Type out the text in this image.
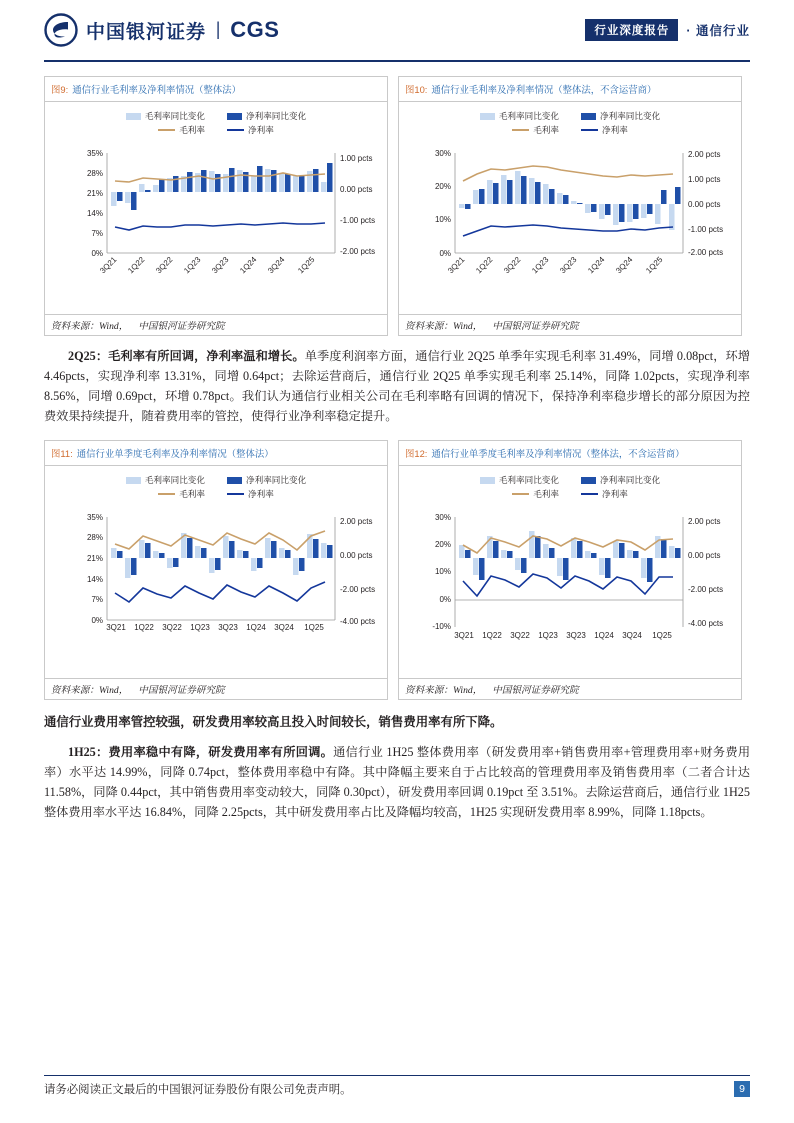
中国银河证券 | CGS	行业深度报告	· 通信行业
图9: 通信行业毛利率及净利率情况（整体法）
毛利率同比变化	净利率同比变化
毛利率	净利率
35%
28%
21%
14%
7%
0%
1.00 pcts
0.00 pcts
-1.00 pcts
-2.00 pcts
3Q21 1Q22 3Q22 1Q23 3Q23 1Q24 3Q24 1Q25
资料来源：Wind， 中国银河证券研究院
图10: 通信行业毛利率及净利率情况（整体法，不含运营商）
毛利率同比变化	净利率同比变化
毛利率	净利率
30%
20%
10%
0%
2.00 pcts
1.00 pcts
0.00 pcts
-1.00 pcts
-2.00 pcts
3Q21 1Q22 3Q22 1Q23 3Q23 1Q24 3Q24 1Q25
资料来源：Wind， 中国银河证券研究院
2Q25：毛利率有所回调，净利率温和增长。单季度利润率方面，通信行业 2Q25 单季年实现毛利率 31.49%，同增 0.08pct，环增 4.46pcts，实现净利率 13.31%，同增 0.64pct；去除运营商后，通信行业 2Q25 单季实现毛利率 25.14%，同降 1.02pcts，实现净利率 8.56%，同增 0.69pct，环增 0.78pct。我们认为通信行业相关公司在毛利率略有回调的情况下，保持净利率稳步增长的部分原因为控费效果持续提升，随着费用率的管控，使得行业净利率稳定提升。
图11: 通信行业单季度毛利率及净利率情况（整体法）
毛利率同比变化	净利率同比变化
毛利率	净利率
35%
28%
21%
14%
7%
0%
2.00 pcts
0.00 pcts
-2.00 pcts
-4.00 pcts
3Q21 1Q22 3Q22 1Q23 3Q23 1Q24 3Q24 1Q25
资料来源：Wind， 中国银河证券研究院
图12: 通信行业单季度毛利率及净利率情况（整体法，不含运营商）
毛利率同比变化	净利率同比变化
毛利率	净利率
30%
20%
10%
0%
-10%
2.00 pcts
0.00 pcts
-2.00 pcts
-4.00 pcts
3Q21 1Q22 3Q22 1Q23 3Q23 1Q24 3Q24 1Q25
资料来源：Wind， 中国银河证券研究院
通信行业费用率管控较强，研发费用率较高且投入时间较长，销售费用率有所下降。
1H25：费用率稳中有降，研发费用率有所回调。通信行业 1H25 整体费用率（研发费用率+销售费用率+管理费用率+财务费用率）水平达 14.99%，同降 0.74pct，整体费用率稳中有降。其中降幅主要来自于占比较高的管理费用率及销售费用率（二者合计达 11.58%，同降 0.44pct，其中销售费用率变动较大，同降 0.30pct），研发费用率回调 0.19pct 至 3.51%。去除运营商后，通信行业 1H25 整体费用率水平达 16.84%，同降 2.25pcts，其中研发费用率占比及降幅均较高，1H25 实现研发费用率 8.99%，同降 1.18pcts。
请务必阅读正文最后的中国银河证券股份有限公司免责声明。	9
